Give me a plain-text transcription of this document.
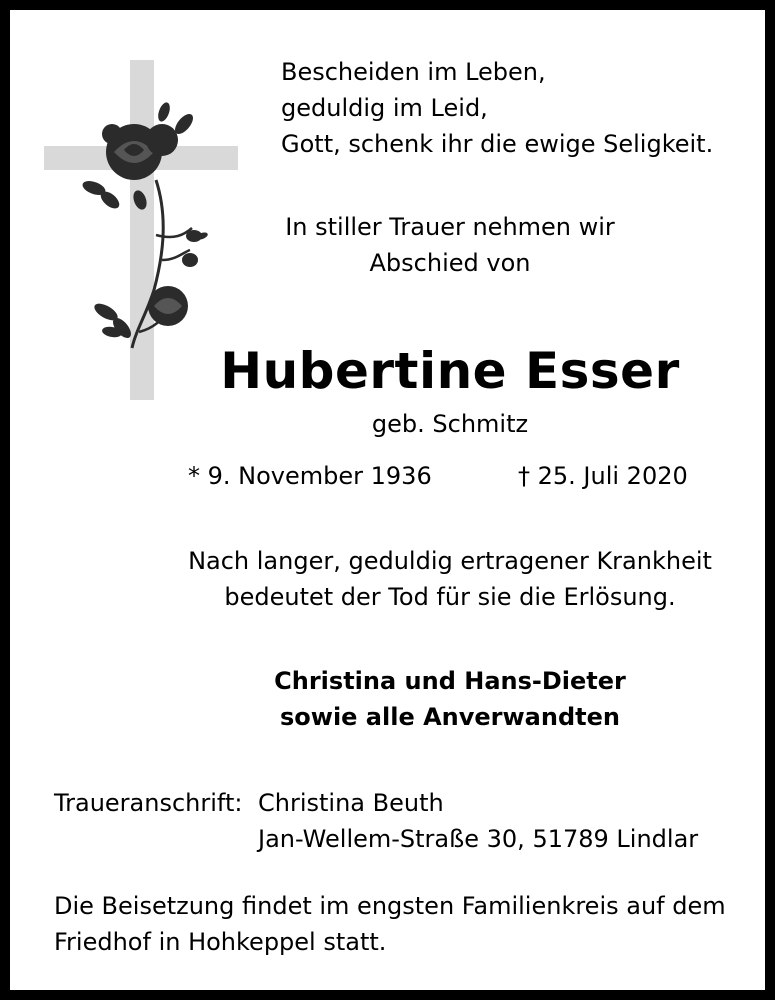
Bescheiden im Leben,
geduldig im Leid,
Gott, schenk ihr die ewige Seligkeit.
In stiller Trauer nehmen wir
Abschied von
Hubertine Esser
geb. Schmitz
* 9. November 1936	† 25. Juli 2020
Nach langer, geduldig ertragener Krankheit
bedeutet der Tod für sie die Erlösung.
Christina und Hans-Dieter
sowie alle Anverwandten
Traueranschrift: Christina Beuth
Jan-Wellem-Straße 30, 51789 Lindlar
Die Beisetzung findet im engsten Familienkreis auf dem
Friedhof in Hohkeppel statt.
